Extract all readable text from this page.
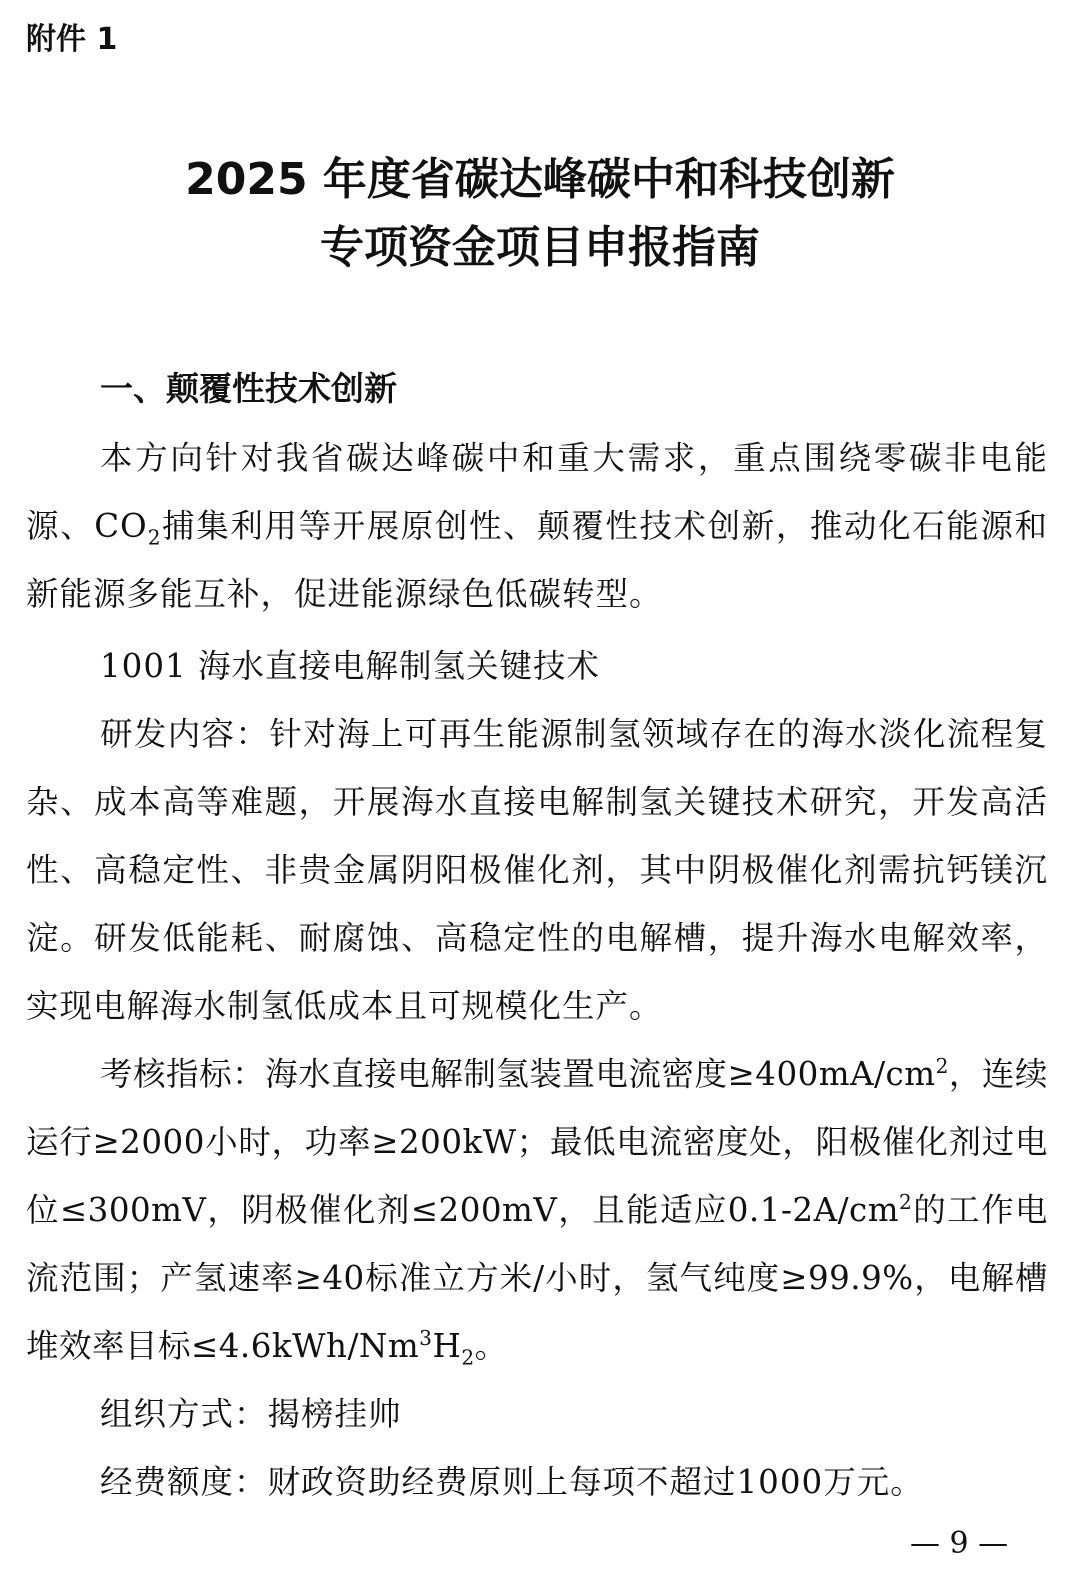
附件 1
2025 年度省碳达峰碳中和科技创新
专项资金项目申报指南
一、颠覆性技术创新
本方向针对我省碳达峰碳中和重大需求，重点围绕零碳非电能源、$CO_2$捕集利用等开展原创性、颠覆性技术创新，推动化石能源和新能源多能互补，促进能源绿色低碳转型。
1001 海水直接电解制氢关键技术
研发内容：针对海上可再生能源制氢领域存在的海水淡化流程复杂、成本高等难题，开展海水直接电解制氢关键技术研究，开发高活性、高稳定性、非贵金属阴阳极催化剂，其中阴极催化剂需抗钙镁沉淀。研发低能耗、耐腐蚀、高稳定性的电解槽，提升海水电解效率，实现电解海水制氢低成本且可规模化生产。
考核指标：海水直接电解制氢装置电流密度$\ge 400mA/cm^2$，连续运行≥2000小时，功率≥200kW；最低电流密度处，阳极催化剂过电位≤300mV，阴极催化剂≤200mV，且能适应$0.1-2A/cm^2$的工作电流范围；产氢速率≥40标准立方米/小时，氢气纯度≥99.9%，电解槽堆效率目标$\le 4.6kWh/Nm^3H_2$。
组织方式：揭榜挂帅
经费额度：财政资助经费原则上每项不超过1000万元。
— 9 —
